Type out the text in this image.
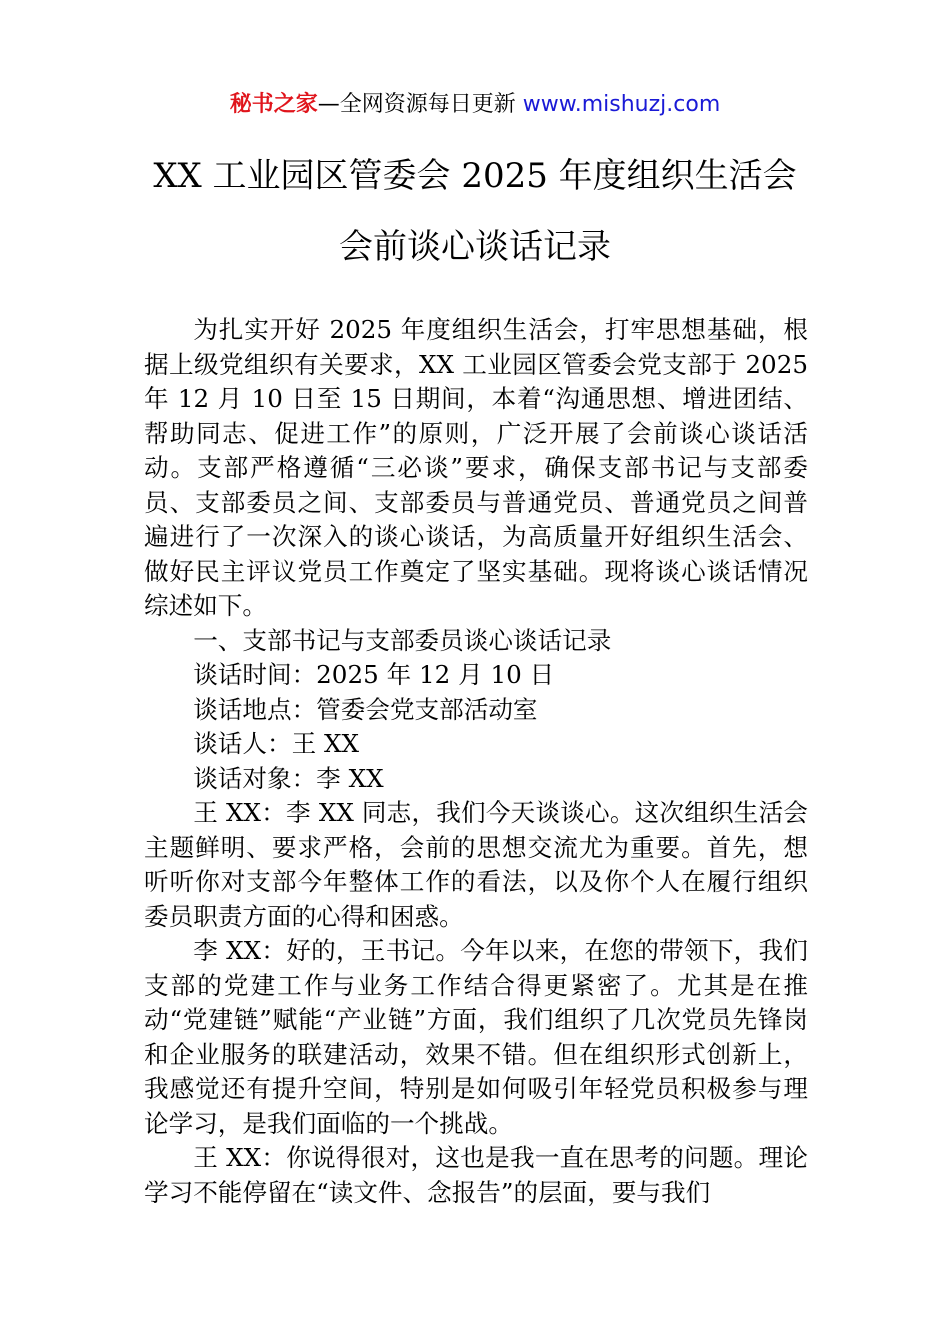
秘书之家—全网资源每日更新 www.mishuzj.com
XX 工业园区管委会 2025 年度组织生活会
会前谈心谈话记录

为扎实开好 2025 年度组织生活会，打牢思想基础，根据上级党组织有关要求，XX 工业园区管委会党支部于 2025 年 12 月 10 日至 15 日期间，本着“沟通思想、增进团结、帮助同志、促进工作”的原则，广泛开展了会前谈心谈话活动。支部严格遵循“三必谈”要求，确保支部书记与支部委员、支部委员之间、支部委员与普通党员、普通党员之间普遍进行了一次深入的谈心谈话，为高质量开好组织生活会、做好民主评议党员工作奠定了坚实基础。现将谈心谈话情况综述如下。

一、支部书记与支部委员谈心谈话记录

谈话时间：2025 年 12 月 10 日

谈话地点：管委会党支部活动室

谈话人：王 XX

谈话对象：李 XX

王 XX：李 XX 同志，我们今天谈谈心。这次组织生活会主题鲜明、要求严格，会前的思想交流尤为重要。首先，想听听你对支部今年整体工作的看法，以及你个人在履行组织委员职责方面的心得和困惑。

李 XX：好的，王书记。今年以来，在您的带领下，我们支部的党建工作与业务工作结合得更紧密了。尤其是在推动“党建链”赋能“产业链”方面，我们组织了几次党员先锋岗和企业服务的联建活动，效果不错。但在组织形式创新上，我感觉还有提升空间，特别是如何吸引年轻党员积极参与理论学习，是我们面临的一个挑战。

王 XX：你说得很对，这也是我一直在思考的问题。理论学习不能停留在“读文件、念报告”的层面，要与我们
